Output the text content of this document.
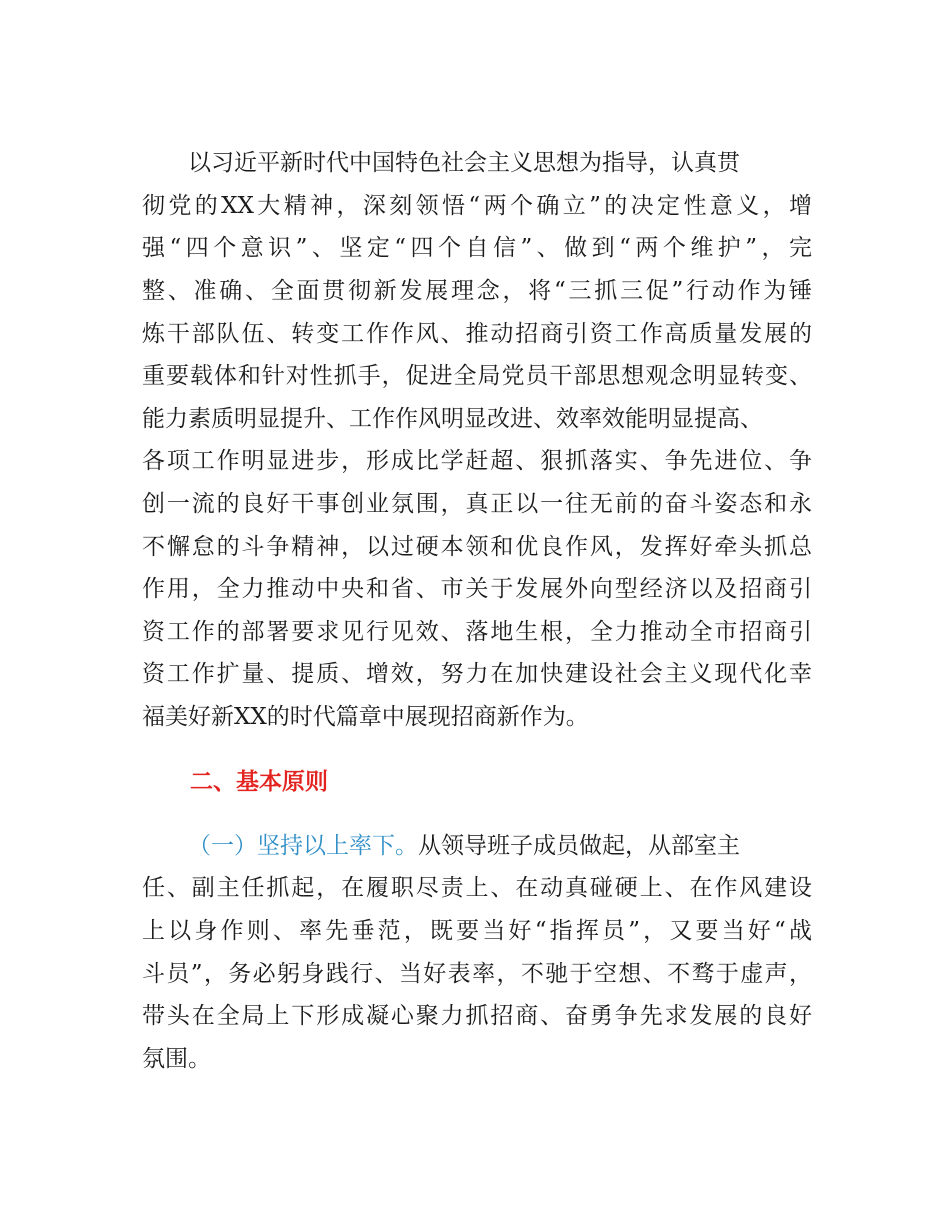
以习近平新时代中国特色社会主义思想为指导，认真贯
彻党的XX大精神，深刻领悟“两个确立”的决定性意义，增
强“四个意识”、坚定“四个自信”、做到“两个维护”，完
整、准确、全面贯彻新发展理念，将“三抓三促”行动作为锤
炼干部队伍、转变工作作风、推动招商引资工作高质量发展的
重要载体和针对性抓手，促进全局党员干部思想观念明显转变、
能力素质明显提升、工作作风明显改进、效率效能明显提高、
各项工作明显进步，形成比学赶超、狠抓落实、争先进位、争
创一流的良好干事创业氛围，真正以一往无前的奋斗姿态和永
不懈怠的斗争精神，以过硬本领和优良作风，发挥好牵头抓总
作用，全力推动中央和省、市关于发展外向型经济以及招商引
资工作的部署要求见行见效、落地生根，全力推动全市招商引
资工作扩量、提质、增效，努力在加快建设社会主义现代化幸
福美好新XX的时代篇章中展现招商新作为。
二、基本原则
（一）坚持以上率下。从领导班子成员做起，从部室主
任、副主任抓起，在履职尽责上、在动真碰硬上、在作风建设
上以身作则、率先垂范，既要当好“指挥员”，又要当好“战
斗员”，务必躬身践行、当好表率，不驰于空想、不骛于虚声，
带头在全局上下形成凝心聚力抓招商、奋勇争先求发展的良好
氛围。
